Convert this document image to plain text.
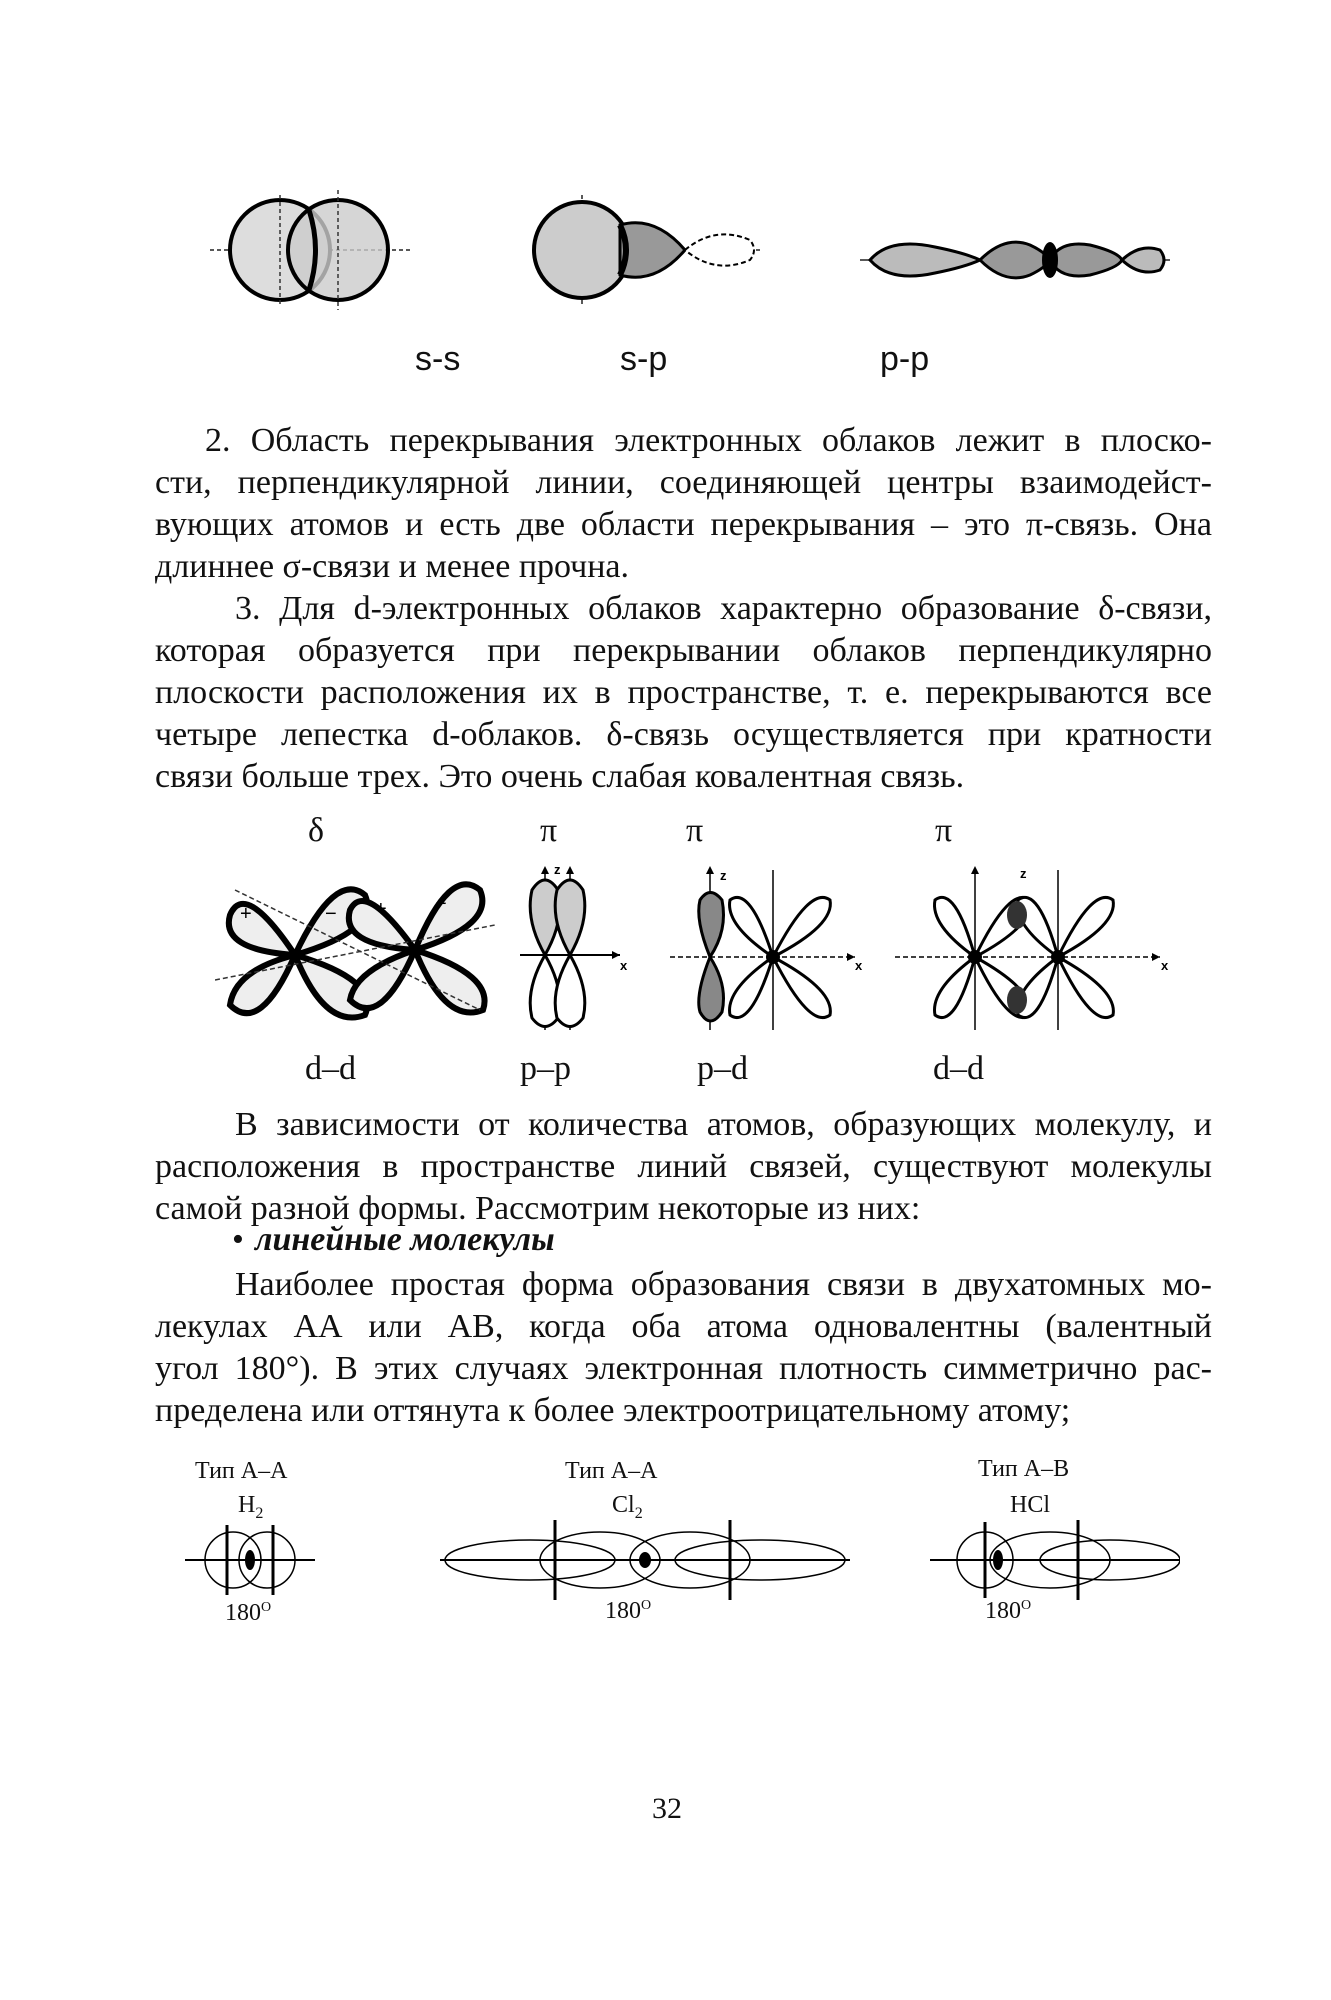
s-s	s-p	p-p
2. Область перекрывания электронных облаков лежит в плоско-
сти, перпендикулярной линии, соединяющей центры взаимодейст-
вующих атомов и есть две области перекрывания – это π-связь. Она
длиннее σ-связи и менее прочна.
3. Для d-электронных облаков характерно образование δ-связи,
которая образуется при перекрывании облаков перпендикулярно
плоскости расположения их в пространстве, т. е. перекрываются все
четыре лепестка d-облаков. δ-связь осуществляется при кратности
связи больше трех. Это очень слабая ковалентная связь.
δ	π	π	π
+	− + −
z
x
z
x
z
x
d–d	p–p	p–d	d–d
В зависимости от количества атомов, образующих молекулу, и
расположения в пространстве линий связей, существуют молекулы
самой разной формы. Рассмотрим некоторые из них:
• линейные молекулы
Наиболее простая форма образования связи в двухатомных мо-
лекулах АА или АВ, когда оба атома одновалентны (валентный
угол 180°). В этих случаях электронная плотность симметрично рас-
пределена или оттянута к более электроотрицательному атому;
Тип А–А
$H_2$
$180^O$
Тип А–А
$Cl_2$
$180^O$
Тип А–В
HCl
$180^O$
32
